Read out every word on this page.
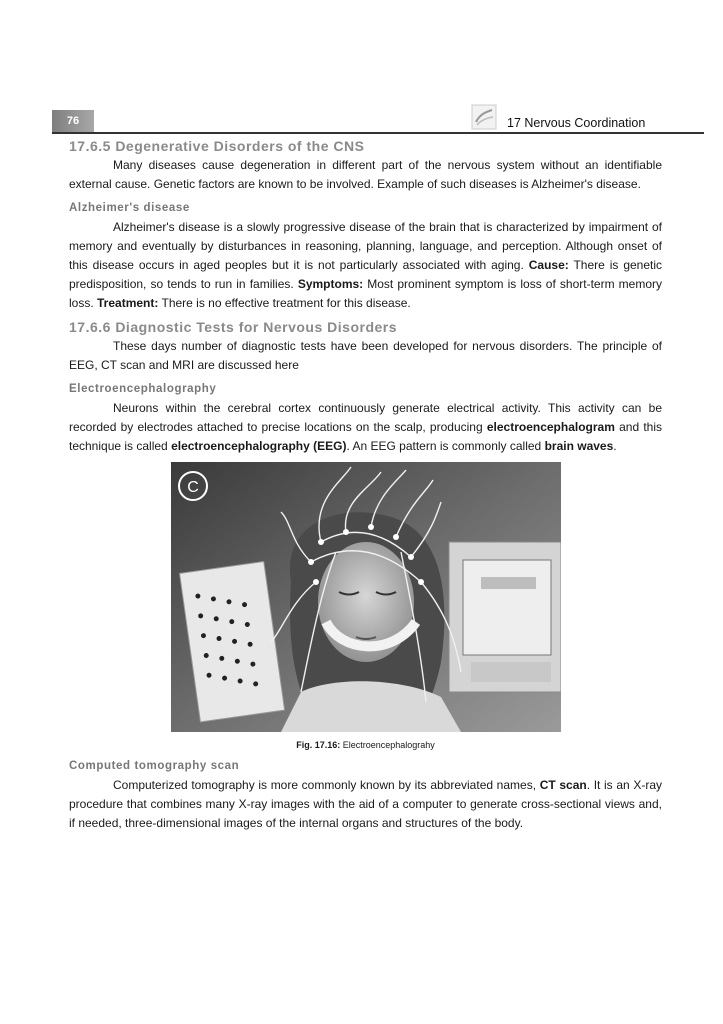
76	17 Nervous Coordination
17.6.5 Degenerative Disorders of the CNS

Many diseases cause degeneration in different part of the nervous system without an identifiable external cause. Genetic factors are known to be involved. Example of such diseases is Alzheimer's disease.

Alzheimer's disease

Alzheimer's disease is a slowly progressive disease of the brain that is characterized by impairment of memory and eventually by disturbances in reasoning, planning, language, and perception. Although onset of this disease occurs in aged peoples but it is not particularly associated with aging. Cause: There is genetic predisposition, so tends to run in families. Symptoms: Most prominent symptom is loss of short-term memory loss. Treatment: There is no effective treatment for this disease.

17.6.6 Diagnostic Tests for Nervous Disorders

These days number of diagnostic tests have been developed for nervous disorders. The principle of EEG, CT scan and MRI are discussed here

Electroencephalography

Neurons within the cerebral cortex continuously generate electrical activity. This activity can be recorded by electrodes attached to precise locations on the scalp, producing electroencephalogram and this technique is called electroencephalography (EEG). An EEG pattern is commonly called brain waves.

C
Fig. 17.16: Electroencephalograhy
Computed tomography scan

Computerized tomography is more commonly known by its abbreviated names, CT scan. It is an X-ray procedure that combines many X-ray images with the aid of a computer to generate cross-sectional views and, if needed, three-dimensional images of the internal organs and structures of the body.
